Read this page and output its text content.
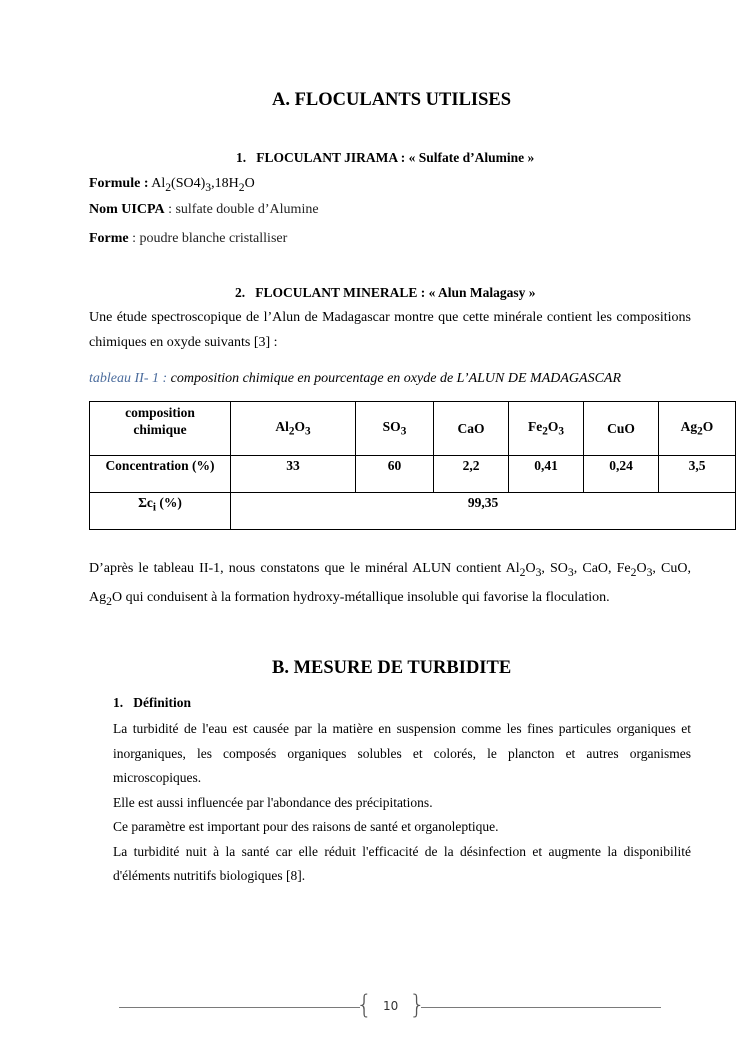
A. FLOCULANTS UTILISES
1.  FLOCULANT JIRAMA : « Sulfate d’Alumine »
Formule : $Al_2(SO4)_3,18H_2O$
Nom UICPA : sulfate double d’Alumine
Forme : poudre blanche cristalliser
2.  FLOCULANT MINERALE : « Alun Malagasy »
Une étude spectroscopique de l’Alun de Madagascar montre que cette minérale contient les compositions chimiques en oxyde suivants [3] :
tableau II- 1 : composition chimique en pourcentage en oxyde de L’ALUN DE MADAGASCAR
composition chimique	$Al_2O_3$	$SO_3$	CaO	$Fe_2O_3$	CuO	$Ag_2O$
Concentration (%)	33	60	2,2	0,41	0,24	3,5
$\Sigma c_i$ (%)	99,35					
D’après le tableau II-1, nous constatons que le minéral ALUN contient $Al_2O_3$, $SO_3$, CaO, $Fe_2O_3$, CuO, $Ag_2O$ qui conduisent à la formation hydroxy-métallique insoluble qui favorise la floculation.
B. MESURE DE TURBIDITE
1.  Définition
La turbidité de l'eau est causée par la matière en suspension comme les fines particules organiques et inorganiques, les composés organiques solubles et colorés, le plancton et autres organismes microscopiques.
Elle est aussi influencée par l'abondance des précipitations.
Ce paramètre est important pour des raisons de santé et organoleptique.
La turbidité nuit à la santé car elle réduit l'efficacité de la désinfection et augmente la disponibilité d'éléments nutritifs biologiques [8].
{ }
10
